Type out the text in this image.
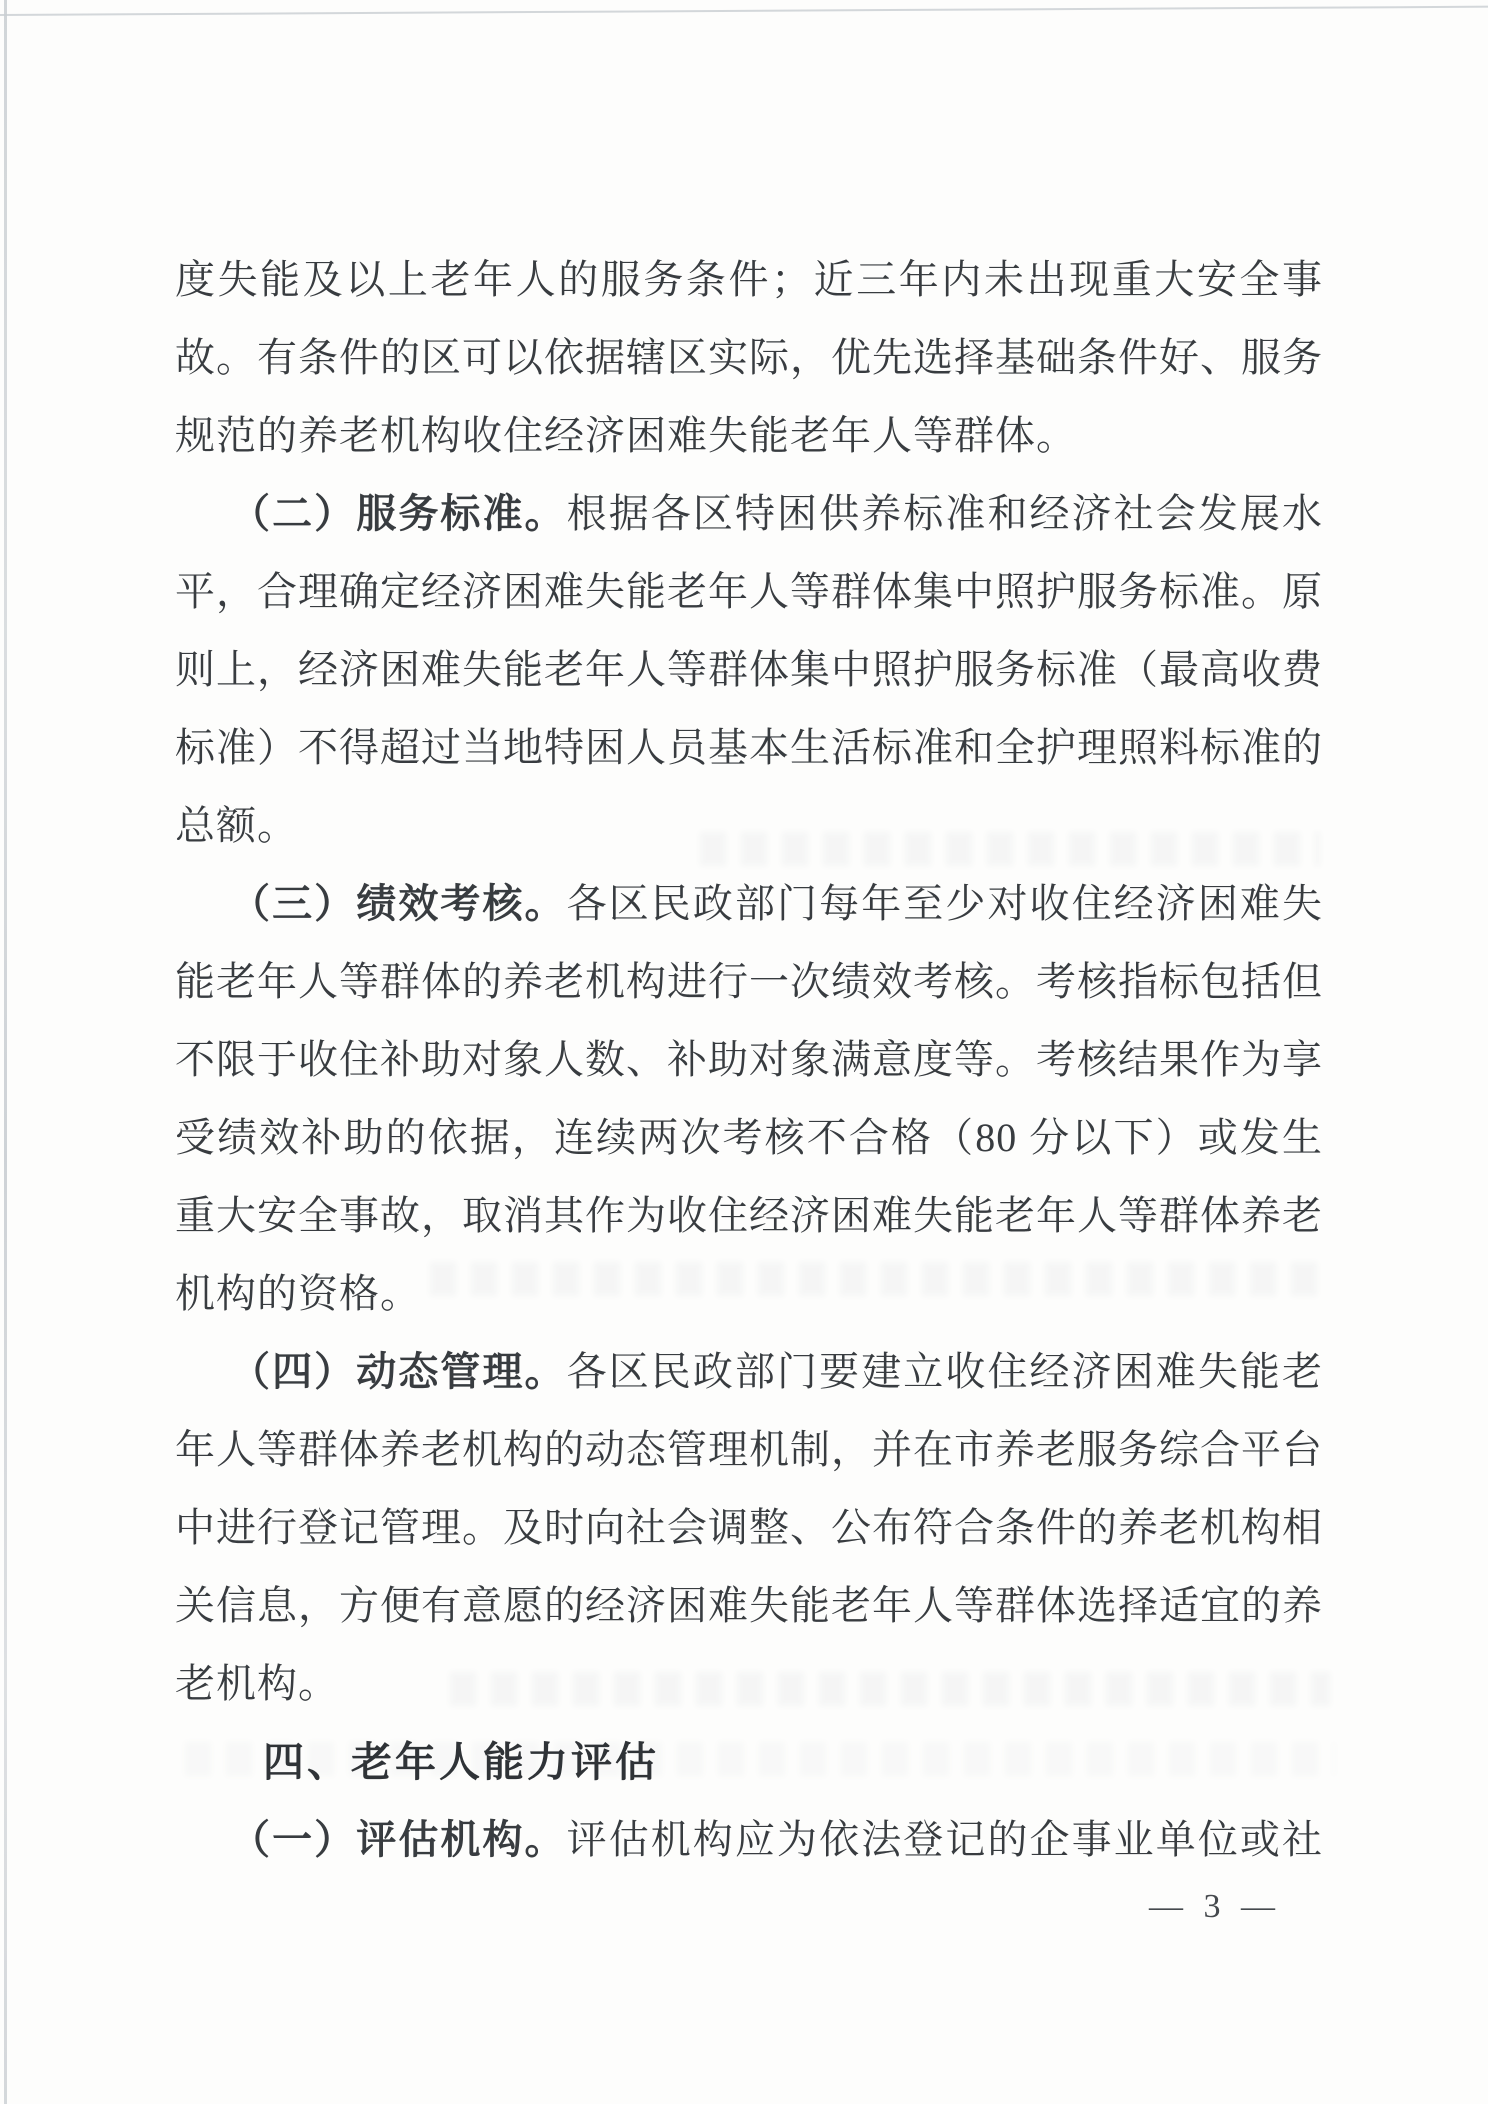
度失能及以上老年人的服务条件；近三年内未出现重大安全事
故。有条件的区可以依据辖区实际，优先选择基础条件好、服务
规范的养老机构收住经济困难失能老年人等群体。
（二）服务标准。根据各区特困供养标准和经济社会发展水
平，合理确定经济困难失能老年人等群体集中照护服务标准。原
则上，经济困难失能老年人等群体集中照护服务标准（最高收费
标准）不得超过当地特困人员基本生活标准和全护理照料标准的
总额。
（三）绩效考核。各区民政部门每年至少对收住经济困难失
能老年人等群体的养老机构进行一次绩效考核。考核指标包括但
不限于收住补助对象人数、补助对象满意度等。考核结果作为享
受绩效补助的依据，连续两次考核不合格（80 分以下）或发生
重大安全事故，取消其作为收住经济困难失能老年人等群体养老
机构的资格。
（四）动态管理。各区民政部门要建立收住经济困难失能老
年人等群体养老机构的动态管理机制，并在市养老服务综合平台
中进行登记管理。及时向社会调整、公布符合条件的养老机构相
关信息，方便有意愿的经济困难失能老年人等群体选择适宜的养
老机构。
四、老年人能力评估
（一）评估机构。评估机构应为依法登记的企事业单位或社
— 3 —
